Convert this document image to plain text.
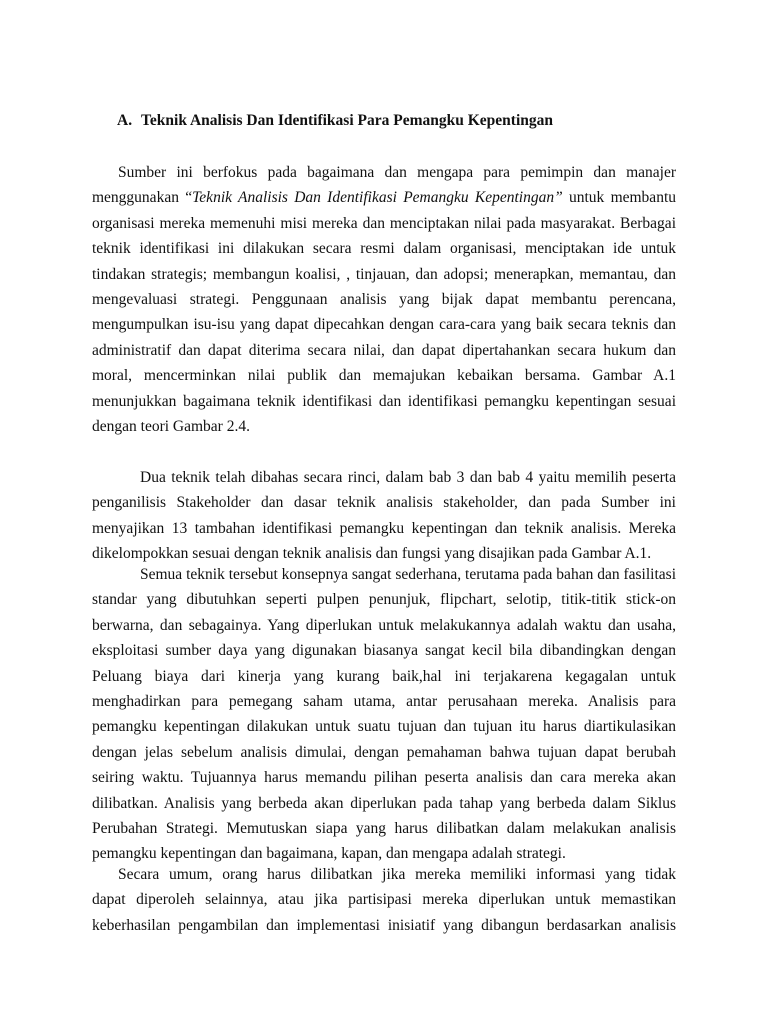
A. Teknik Analisis Dan Identifikasi Para Pemangku Kepentingan
Sumber ini berfokus pada bagaimana dan mengapa para pemimpin dan manajer
menggunakan “Teknik Analisis Dan Identifikasi Pemangku Kepentingan” untuk membantu
organisasi mereka memenuhi misi mereka dan menciptakan nilai pada masyarakat. Berbagai
teknik identifikasi ini dilakukan secara resmi dalam organisasi, menciptakan ide untuk
tindakan strategis; membangun koalisi, , tinjauan, dan adopsi; menerapkan, memantau, dan
mengevaluasi strategi. Penggunaan analisis yang bijak dapat membantu perencana,
mengumpulkan isu-isu yang dapat dipecahkan dengan cara-cara yang baik secara teknis dan
administratif dan dapat diterima secara nilai, dan dapat dipertahankan secara hukum dan
moral, mencerminkan nilai publik dan memajukan kebaikan bersama. Gambar A.1
menunjukkan bagaimana teknik identifikasi dan identifikasi pemangku kepentingan sesuai
dengan teori Gambar 2.4.
Dua teknik telah dibahas secara rinci, dalam bab 3 dan bab 4 yaitu memilih peserta
penganilisis Stakeholder dan dasar teknik analisis stakeholder, dan pada Sumber ini
menyajikan 13 tambahan identifikasi pemangku kepentingan dan teknik analisis. Mereka
dikelompokkan sesuai dengan teknik analisis dan fungsi yang disajikan pada Gambar A.1.
Semua teknik tersebut konsepnya sangat sederhana, terutama pada bahan dan fasilitasi
standar yang dibutuhkan seperti pulpen penunjuk, flipchart, selotip, titik-titik stick-on
berwarna, dan sebagainya. Yang diperlukan untuk melakukannya adalah waktu dan usaha,
eksploitasi sumber daya yang digunakan biasanya sangat kecil bila dibandingkan dengan
Peluang biaya dari kinerja yang kurang baik,hal ini terjakarena kegagalan untuk
menghadirkan para pemegang saham utama, antar perusahaan mereka. Analisis para
pemangku kepentingan dilakukan untuk suatu tujuan dan tujuan itu harus diartikulasikan
dengan jelas sebelum analisis dimulai, dengan pemahaman bahwa tujuan dapat berubah
seiring waktu. Tujuannya harus memandu pilihan peserta analisis dan cara mereka akan
dilibatkan. Analisis yang berbeda akan diperlukan pada tahap yang berbeda dalam Siklus
Perubahan Strategi. Memutuskan siapa yang harus dilibatkan dalam melakukan analisis
pemangku kepentingan dan bagaimana, kapan, dan mengapa adalah strategi.
Secara umum, orang harus dilibatkan jika mereka memiliki informasi yang tidak
dapat diperoleh selainnya, atau jika partisipasi mereka diperlukan untuk memastikan
keberhasilan pengambilan dan implementasi inisiatif yang dibangun berdasarkan analisis
